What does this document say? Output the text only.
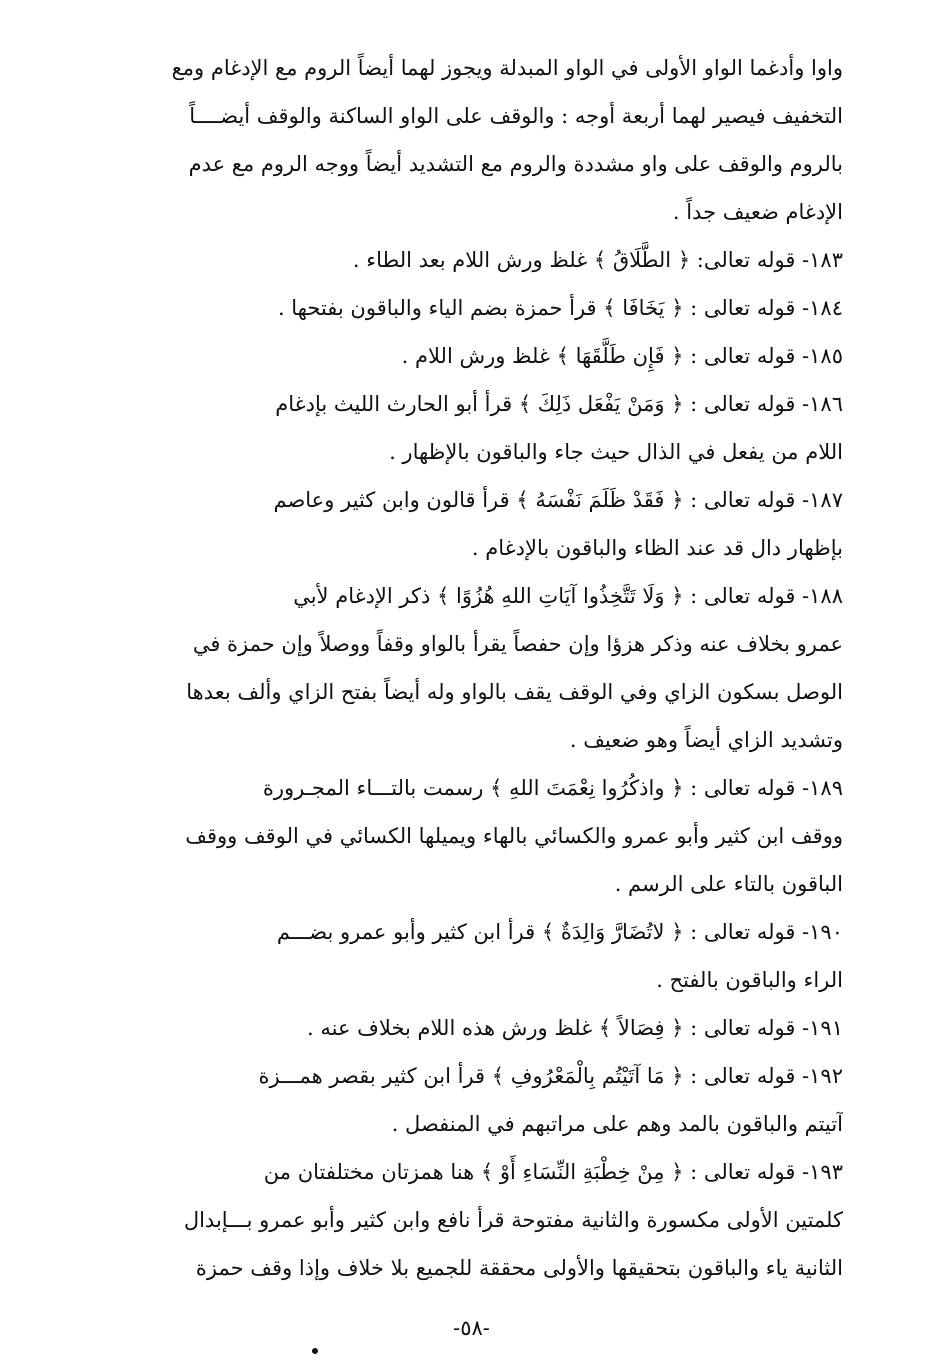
واوا وأدغما الواو الأولى في الواو المبدلة ويجوز لهما أيضاً الروم مع الإدغام ومع
التخفيف فيصير لهما أربعة أوجه : والوقف على الواو الساكنة والوقف أيضــــاً
بالروم والوقف على واو مشددة والروم مع التشديد أيضاً ووجه الروم مع عدم
الإدغام ضعيف جداً .
١٨٣- قوله تعالى: ﴿ الطَّلَاقُ ﴾ غلظ ورش اللام بعد الطاء .
١٨٤- قوله تعالى : ﴿ يَخَافَا ﴾ قرأ حمزة بضم الياء والباقون بفتحها .
١٨٥- قوله تعالى : ﴿ فَإِن طَلَّقَهَا ﴾ غلظ ورش اللام .
١٨٦- قوله تعالى : ﴿ وَمَنْ يَفْعَل ذَلِكَ ﴾ قرأ أبو الحارث الليث بإدغام
اللام من يفعل في الذال حيث جاء والباقون بالإظهار .
١٨٧- قوله تعالى : ﴿ فَقَدْ ظَلَمَ نَفْسَهُ ﴾ قرأ قالون وابن كثير وعاصم
بإظهار دال قد عند الظاء والباقون بالإدغام .
١٨٨- قوله تعالى : ﴿ وَلَا تَتَّخِذُوا آيَاتِ اللهِ هُزُوًا ﴾ ذكر الإدغام لأبي
عمرو بخلاف عنه وذكر هزؤا وإن حفصاً يقرأ بالواو وقفاً ووصلاً وإن حمزة في
الوصل بسكون الزاي وفي الوقف يقف بالواو وله أيضاً بفتح الزاي وألف بعدها
وتشديد الزاي أيضاً وهو ضعيف .
١٨٩- قوله تعالى : ﴿ واذكُرُوا نِعْمَتَ اللهِ ﴾ رسمت بالتـــاء المجـرورة
ووقف ابن كثير وأبو عمرو والكسائي بالهاء ويميلها الكسائي في الوقف ووقف
الباقون بالتاء على الرسم .
١٩٠- قوله تعالى : ﴿ لاتُضَارَّ وَالِدَةٌ ﴾ قرأ ابن كثير وأبو عمرو بضـــم
الراء والباقون بالفتح .
١٩١- قوله تعالى : ﴿ فِصَالاً ﴾ غلظ ورش هذه اللام بخلاف عنه .
١٩٢- قوله تعالى : ﴿ مَا آتَيْتُم بِالْمَعْرُوفِ ﴾ قرأ ابن كثير بقصر همـــزة
آتيتم والباقون بالمد وهم على مراتبهم في المنفصل .
١٩٣- قوله تعالى : ﴿ مِنْ خِطْبَةِ النِّسَاءِ أَوْ ﴾ هنا همزتان مختلفتان من
كلمتين الأولى مكسورة والثانية مفتوحة قرأ نافع وابن كثير وأبو عمرو بـــإبدال
الثانية ياء والباقون بتحقيقها والأولى محققة للجميع بلا خلاف وإذا وقف حمزة
-٥٨-
